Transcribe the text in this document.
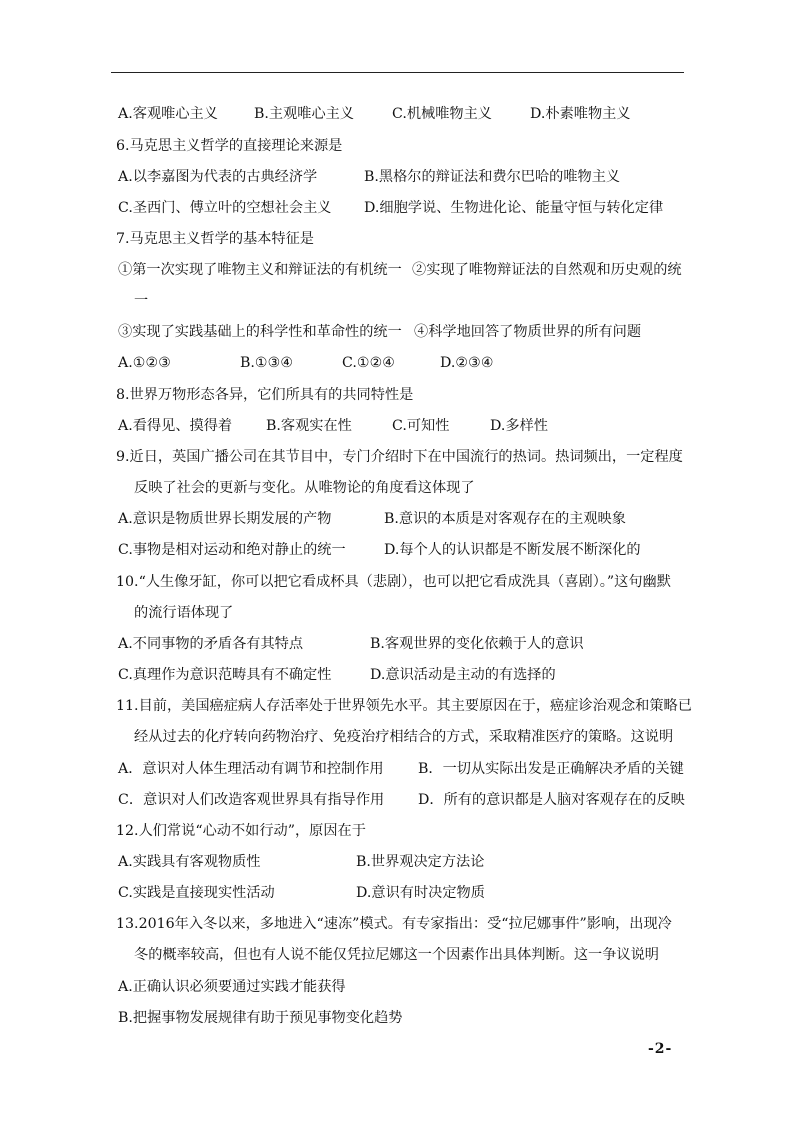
A.客观唯心主义	B.主观唯心主义	C.机械唯物主义	D.朴素唯物主义
6.马克思主义哲学的直接理论来源是
A.以李嘉图为代表的古典经济学	B.黑格尔的辩证法和费尔巴哈的唯物主义
C.圣西门、傅立叶的空想社会主义 D.细胞学说、生物进化论、能量守恒与转化定律
7.马克思主义哲学的基本特征是
①第一次实现了唯物主义和辩证法的有机统一 ②实现了唯物辩证法的自然观和历史观的统
一
③实现了实践基础上的科学性和革命性的统一 ④科学地回答了物质世界的所有问题
A.①②③	B.①③④	C.①②④	D.②③④
8.世界万物形态各异，它们所具有的共同特性是
A.看得见、摸得着 B.客观实在性	C.可知性	D.多样性
9.近日，英国广播公司在其节目中，专门介绍时下在中国流行的热词。热词频出，一定程度
反映了社会的更新与变化。从唯物论的角度看这体现了
A.意识是物质世界长期发展的产物	B.意识的本质是对客观存在的主观映象
C.事物是相对运动和绝对静止的统一	D.每个人的认识都是不断发展不断深化的
10.“人生像牙缸，你可以把它看成杯具（悲剧），也可以把它看成洗具（喜剧）。”这句幽默
的流行语体现了
A.不同事物的矛盾各有其特点	B.客观世界的变化依赖于人的意识
C.真理作为意识范畴具有不确定性	D.意识活动是主动的有选择的
11.目前，美国癌症病人存活率处于世界领先水平。其主要原因在于，癌症诊治观念和策略已
经从过去的化疗转向药物治疗、免疫治疗相结合的方式，采取精准医疗的策略。这说明
A．意识对人体生理活动有调节和控制作用 B．一切从实际出发是正确解决矛盾的关键
C．意识对人们改造客观世界具有指导作用 D．所有的意识都是人脑对客观存在的反映
12.人们常说“心动不如行动”，原因在于
A.实践具有客观物质性	B.世界观决定方法论
C.实践是直接现实性活动	D.意识有时决定物质
13.2016年入冬以来，多地进入“速冻”模式。有专家指出：受“拉尼娜事件”影响，出现冷
冬的概率较高，但也有人说不能仅凭拉尼娜这一个因素作出具体判断。这一争议说明
A.正确认识必须要通过实践才能获得
B.把握事物发展规律有助于预见事物变化趋势
-2-
